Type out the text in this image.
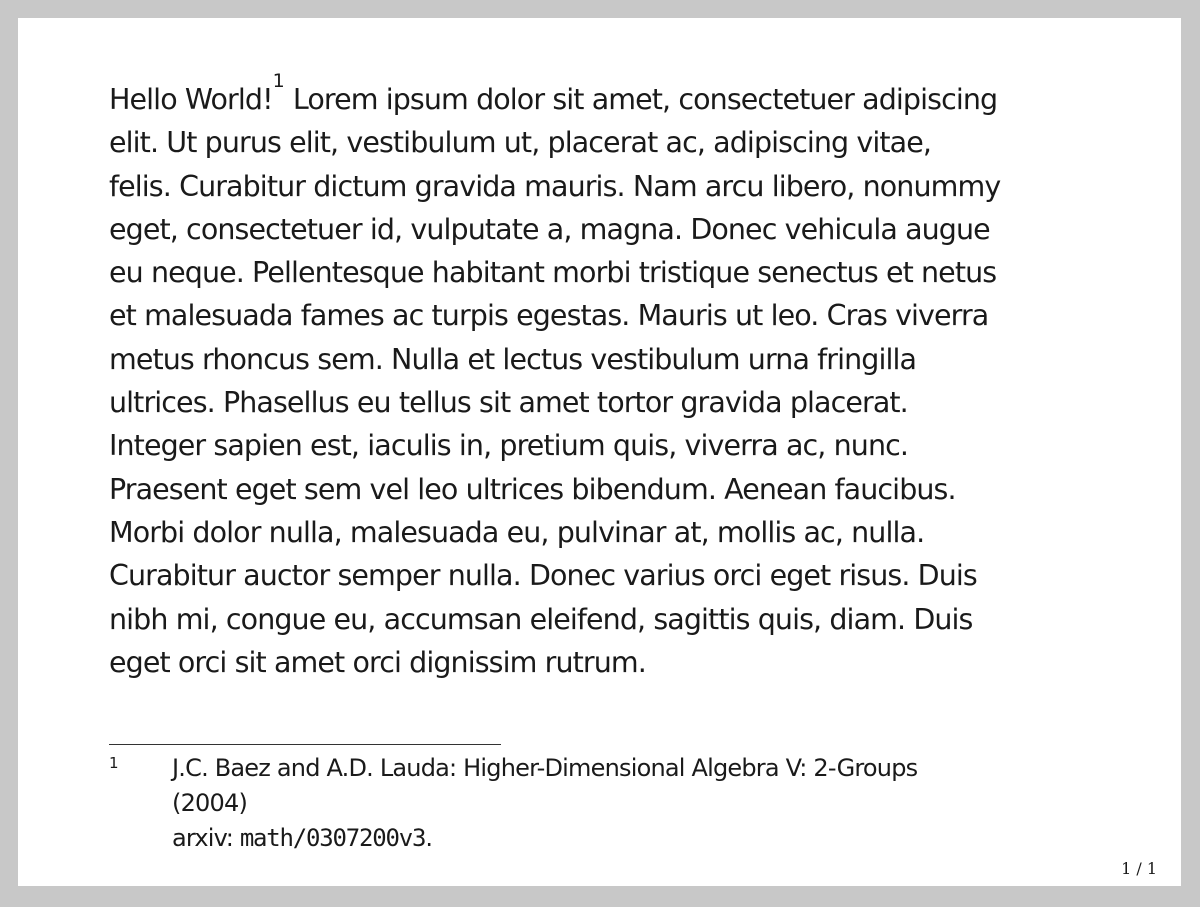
Hello World!$^1$ Lorem ipsum dolor sit amet, consectetuer adipiscing
elit. Ut purus elit, vestibulum ut, placerat ac, adipiscing vitae,
felis. Curabitur dictum gravida mauris. Nam arcu libero, nonummy
eget, consectetuer id, vulputate a, magna. Donec vehicula augue
eu neque. Pellentesque habitant morbi tristique senectus et netus
et malesuada fames ac turpis egestas. Mauris ut leo. Cras viverra
metus rhoncus sem. Nulla et lectus vestibulum urna fringilla
ultrices. Phasellus eu tellus sit amet tortor gravida placerat.
Integer sapien est, iaculis in, pretium quis, viverra ac, nunc.
Praesent eget sem vel leo ultrices bibendum. Aenean faucibus.
Morbi dolor nulla, malesuada eu, pulvinar at, mollis ac, nulla.
Curabitur auctor semper nulla. Donec varius orci eget risus. Duis
nibh mi, congue eu, accumsan eleifend, sagittis quis, diam. Duis
eget orci sit amet orci dignissim rutrum.
1 J.C. Baez and A.D. Lauda: Higher-Dimensional Algebra V: 2-Groups
(2004)
arxiv: math/0307200v3.
1 / 1
